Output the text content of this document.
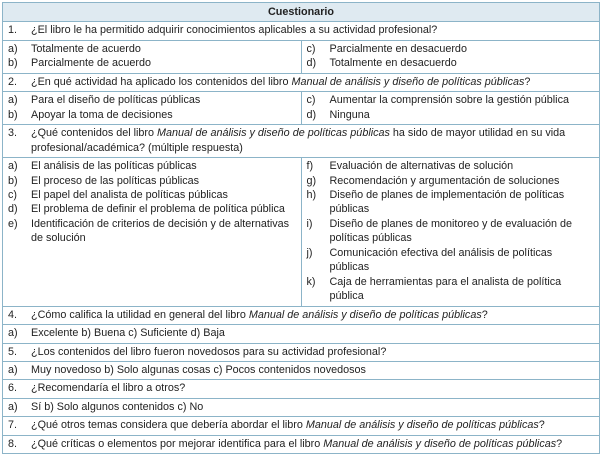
Cuestionario	

1. ¿El libro le ha permitido adquirir conocimientos aplicables a su actividad profesional?	

a)	Totalmente de acuerdo
b)	Parcialmente de acuerdo

c)	Parcialmente en desacuerdo
d)	Totalmente en desacuerdo

2. ¿En qué actividad ha aplicado los contenidos del libro Manual de análisis y diseño de políticas públicas?	

a)	Para el diseño de políticas públicas
b)	Apoyar la toma de decisiones

c)	Aumentar la comprensión sobre la gestión pública
d)	Ninguna

3. ¿Qué contenidos del libro Manual de análisis y diseño de políticas públicas ha sido de mayor utilidad en su vida profesional/académica? (múltiple respuesta)	

a)	El análisis de las políticas públicas
b)	El proceso de las políticas públicas
c)	El papel del analista de políticas públicas
d)	El problema de definir el problema de política pública
e)	Identificación de criterios de decisión y de alternativas de solución

f)	Evaluación de alternativas de solución
g)	Recomendación y argumentación de soluciones
h)	Diseño de planes de implementación de políticas públicas
i)	Diseño de planes de monitoreo y de evaluación de políticas públicas
j)	Comunicación efectiva del análisis de políticas públicas
k)	Caja de herramientas para el analista de política pública

4. ¿Cómo califica la utilidad en general del libro Manual de análisis y diseño de políticas públicas?	

a) Excelente b) Buena c) Suficiente d) Baja	

5. ¿Los contenidos del libro fueron novedosos para su actividad profesional?	

a) Muy novedoso b) Solo algunas cosas c) Pocos contenidos novedosos	

6. ¿Recomendaría el libro a otros?	

a) Sí b) Solo algunos contenidos c) No	

7. ¿Qué otros temas considera que debería abordar el libro Manual de análisis y diseño de políticas públicas?	

8. ¿Qué críticas o elementos por mejorar identifica para el libro Manual de análisis y diseño de políticas públicas?	
